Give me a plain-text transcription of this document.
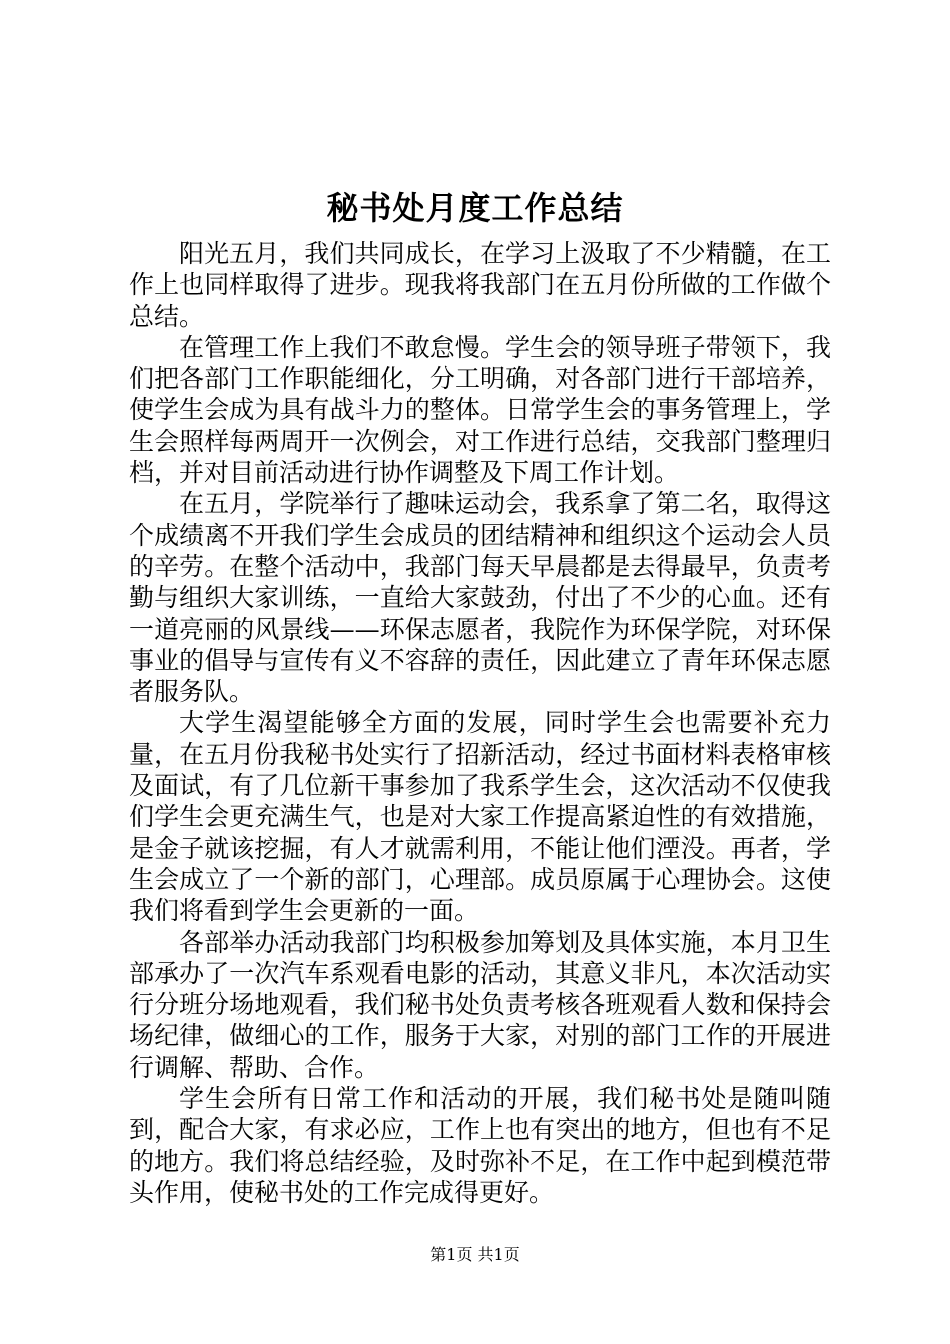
秘书处月度工作总结

阳光五月，我们共同成长，在学习上汲取了不少精髓，在工作上也同样取得了进步。现我将我部门在五月份所做的工作做个总结。

在管理工作上我们不敢怠慢。学生会的领导班子带领下，我们把各部门工作职能细化，分工明确，对各部门进行干部培养，使学生会成为具有战斗力的整体。日常学生会的事务管理上，学生会照样每两周开一次例会，对工作进行总结，交我部门整理归档，并对目前活动进行协作调整及下周工作计划。

在五月，学院举行了趣味运动会，我系拿了第二名，取得这个成绩离不开我们学生会成员的团结精神和组织这个运动会人员的辛劳。在整个活动中，我部门每天早晨都是去得最早，负责考勤与组织大家训练，一直给大家鼓劲，付出了不少的心血。还有一道亮丽的风景线——环保志愿者，我院作为环保学院，对环保事业的倡导与宣传有义不容辞的责任，因此建立了青年环保志愿者服务队。

大学生渴望能够全方面的发展，同时学生会也需要补充力量，在五月份我秘书处实行了招新活动，经过书面材料表格审核及面试，有了几位新干事参加了我系学生会，这次活动不仅使我们学生会更充满生气，也是对大家工作提高紧迫性的有效措施，是金子就该挖掘，有人才就需利用，不能让他们湮没。再者，学生会成立了一个新的部门，心理部。成员原属于心理协会。这使我们将看到学生会更新的一面。

各部举办活动我部门均积极参加筹划及具体实施，本月卫生部承办了一次汽车系观看电影的活动，其意义非凡，本次活动实行分班分场地观看，我们秘书处负责考核各班观看人数和保持会场纪律，做细心的工作，服务于大家，对别的部门工作的开展进行调解、帮助、合作。

学生会所有日常工作和活动的开展，我们秘书处是随叫随到，配合大家，有求必应，工作上也有突出的地方，但也有不足的地方。我们将总结经验，及时弥补不足，在工作中起到模范带头作用，使秘书处的工作完成得更好。

第1页 共1页
